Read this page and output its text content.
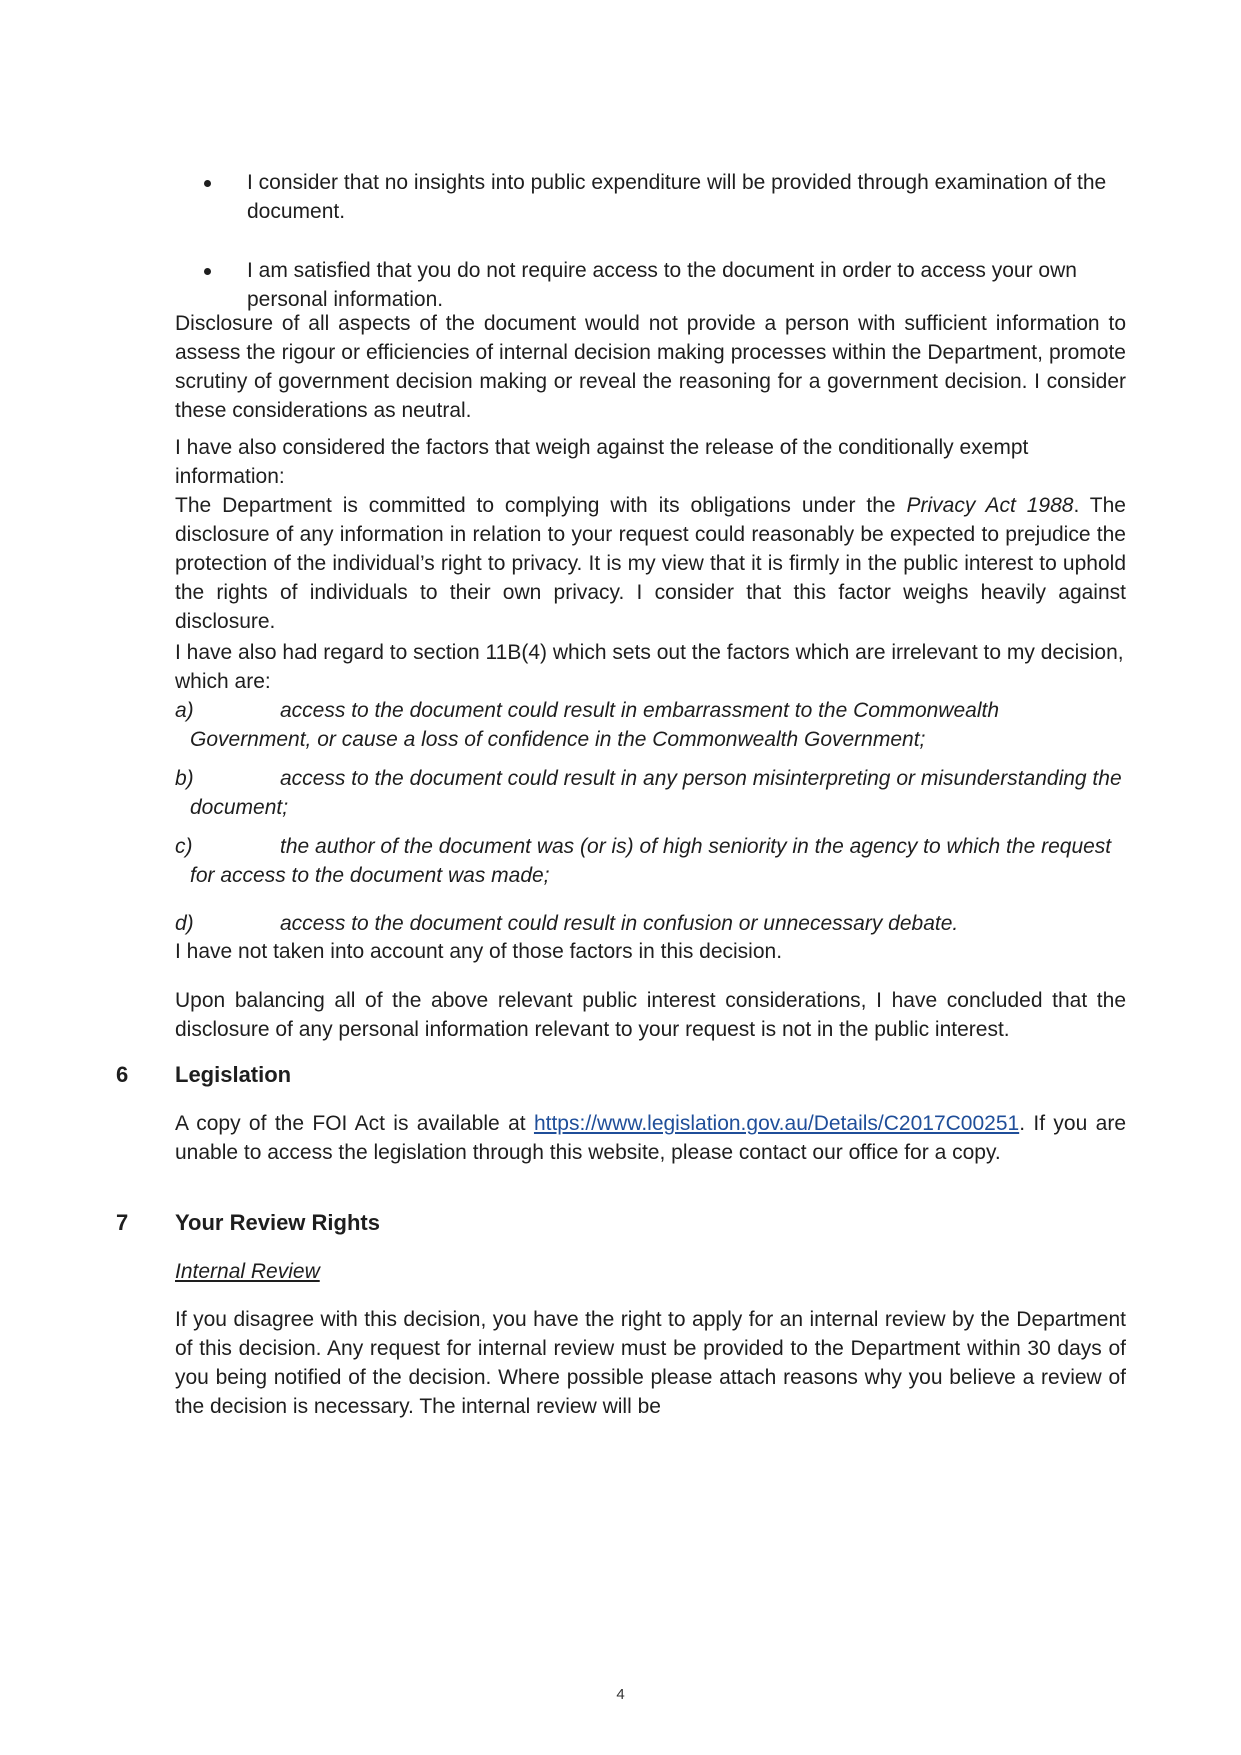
I consider that no insights into public expenditure will be provided through examination of the document.
I am satisfied that you do not require access to the document in order to access your own personal information.

Disclosure of all aspects of the document would not provide a person with sufficient information to assess the rigour or efficiencies of internal decision making processes within the Department, promote scrutiny of government decision making or reveal the reasoning for a government decision. I consider these considerations as neutral.

I have also considered the factors that weigh against the release of the conditionally exempt information:

The Department is committed to complying with its obligations under the Privacy Act 1988. The disclosure of any information in relation to your request could reasonably be expected to prejudice the protection of the individual’s right to privacy. It is my view that it is firmly in the public interest to uphold the rights of individuals to their own privacy. I consider that this factor weighs heavily against disclosure.

I have also had regard to section 11B(4) which sets out the factors which are irrelevant to my decision, which are:

a)	access to the document could result in embarrassment to the Commonwealth Government, or cause a loss of confidence in the Commonwealth Government;
b)	access to the document could result in any person misinterpreting or misunderstanding the document;
c)	the author of the document was (or is) of high seniority in the agency to which the request for access to the document was made;
d)	access to the document could result in confusion or unnecessary debate.

I have not taken into account any of those factors in this decision.

Upon balancing all of the above relevant public interest considerations, I have concluded that the disclosure of any personal information relevant to your request is not in the public interest.

6 Legislation

A copy of the FOI Act is available at https://www.legislation.gov.au/Details/C2017C00251. If you are unable to access the legislation through this website, please contact our office for a copy.

7 Your Review Rights

Internal Review

If you disagree with this decision, you have the right to apply for an internal review by the Department of this decision. Any request for internal review must be provided to the Department within 30 days of you being notified of the decision. Where possible please attach reasons why you believe a review of the decision is necessary. The internal review will be

4
